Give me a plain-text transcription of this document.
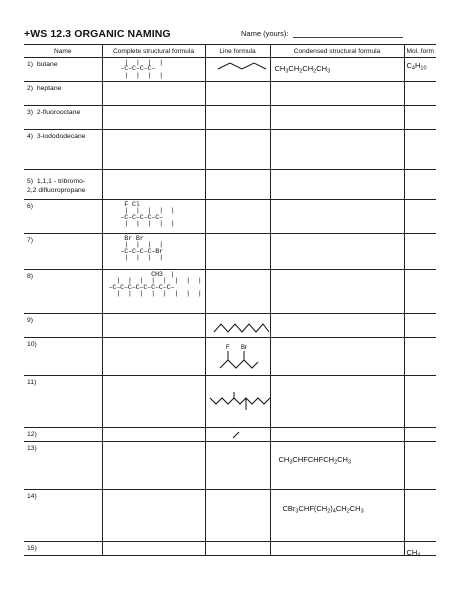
+WS 12.3 ORGANIC NAMING	Name (yours):
Name	Complete structural formula	Line formula	Condensed structural formula	Mol. form

1)  butane	|  |  |  |
–C–C–C–C–
|  |  |  |		$CH_3CH_2CH_2CH_3$	$C_4H_{10}$

2)  heptane				

3)  2-fluorooctane				

4)  3-iodododecane				

5)  1,1,1 - tribromo-
2,2 difluoropropane				

6)	F Cl
|  |  |  |  |
–C–C–C–C–C–
|  |  |  |  |			

7)	Br Br
|  |  |  |
–C–C–C–C–Br
|  |  |  |			

8)	CH3  |
|  |  |  |  |  |  |  |
–C–C–C–C–C–C–C–C–
|  |  |  |  |  |  |  |			

9)

10)		F Br		

11)

12)

13)			$CH_3CHFCHFCH_2CH_3$

14)			$CBr_3CHF(CH_2)_4CH_2CH_3$

15)				$CH_4$
